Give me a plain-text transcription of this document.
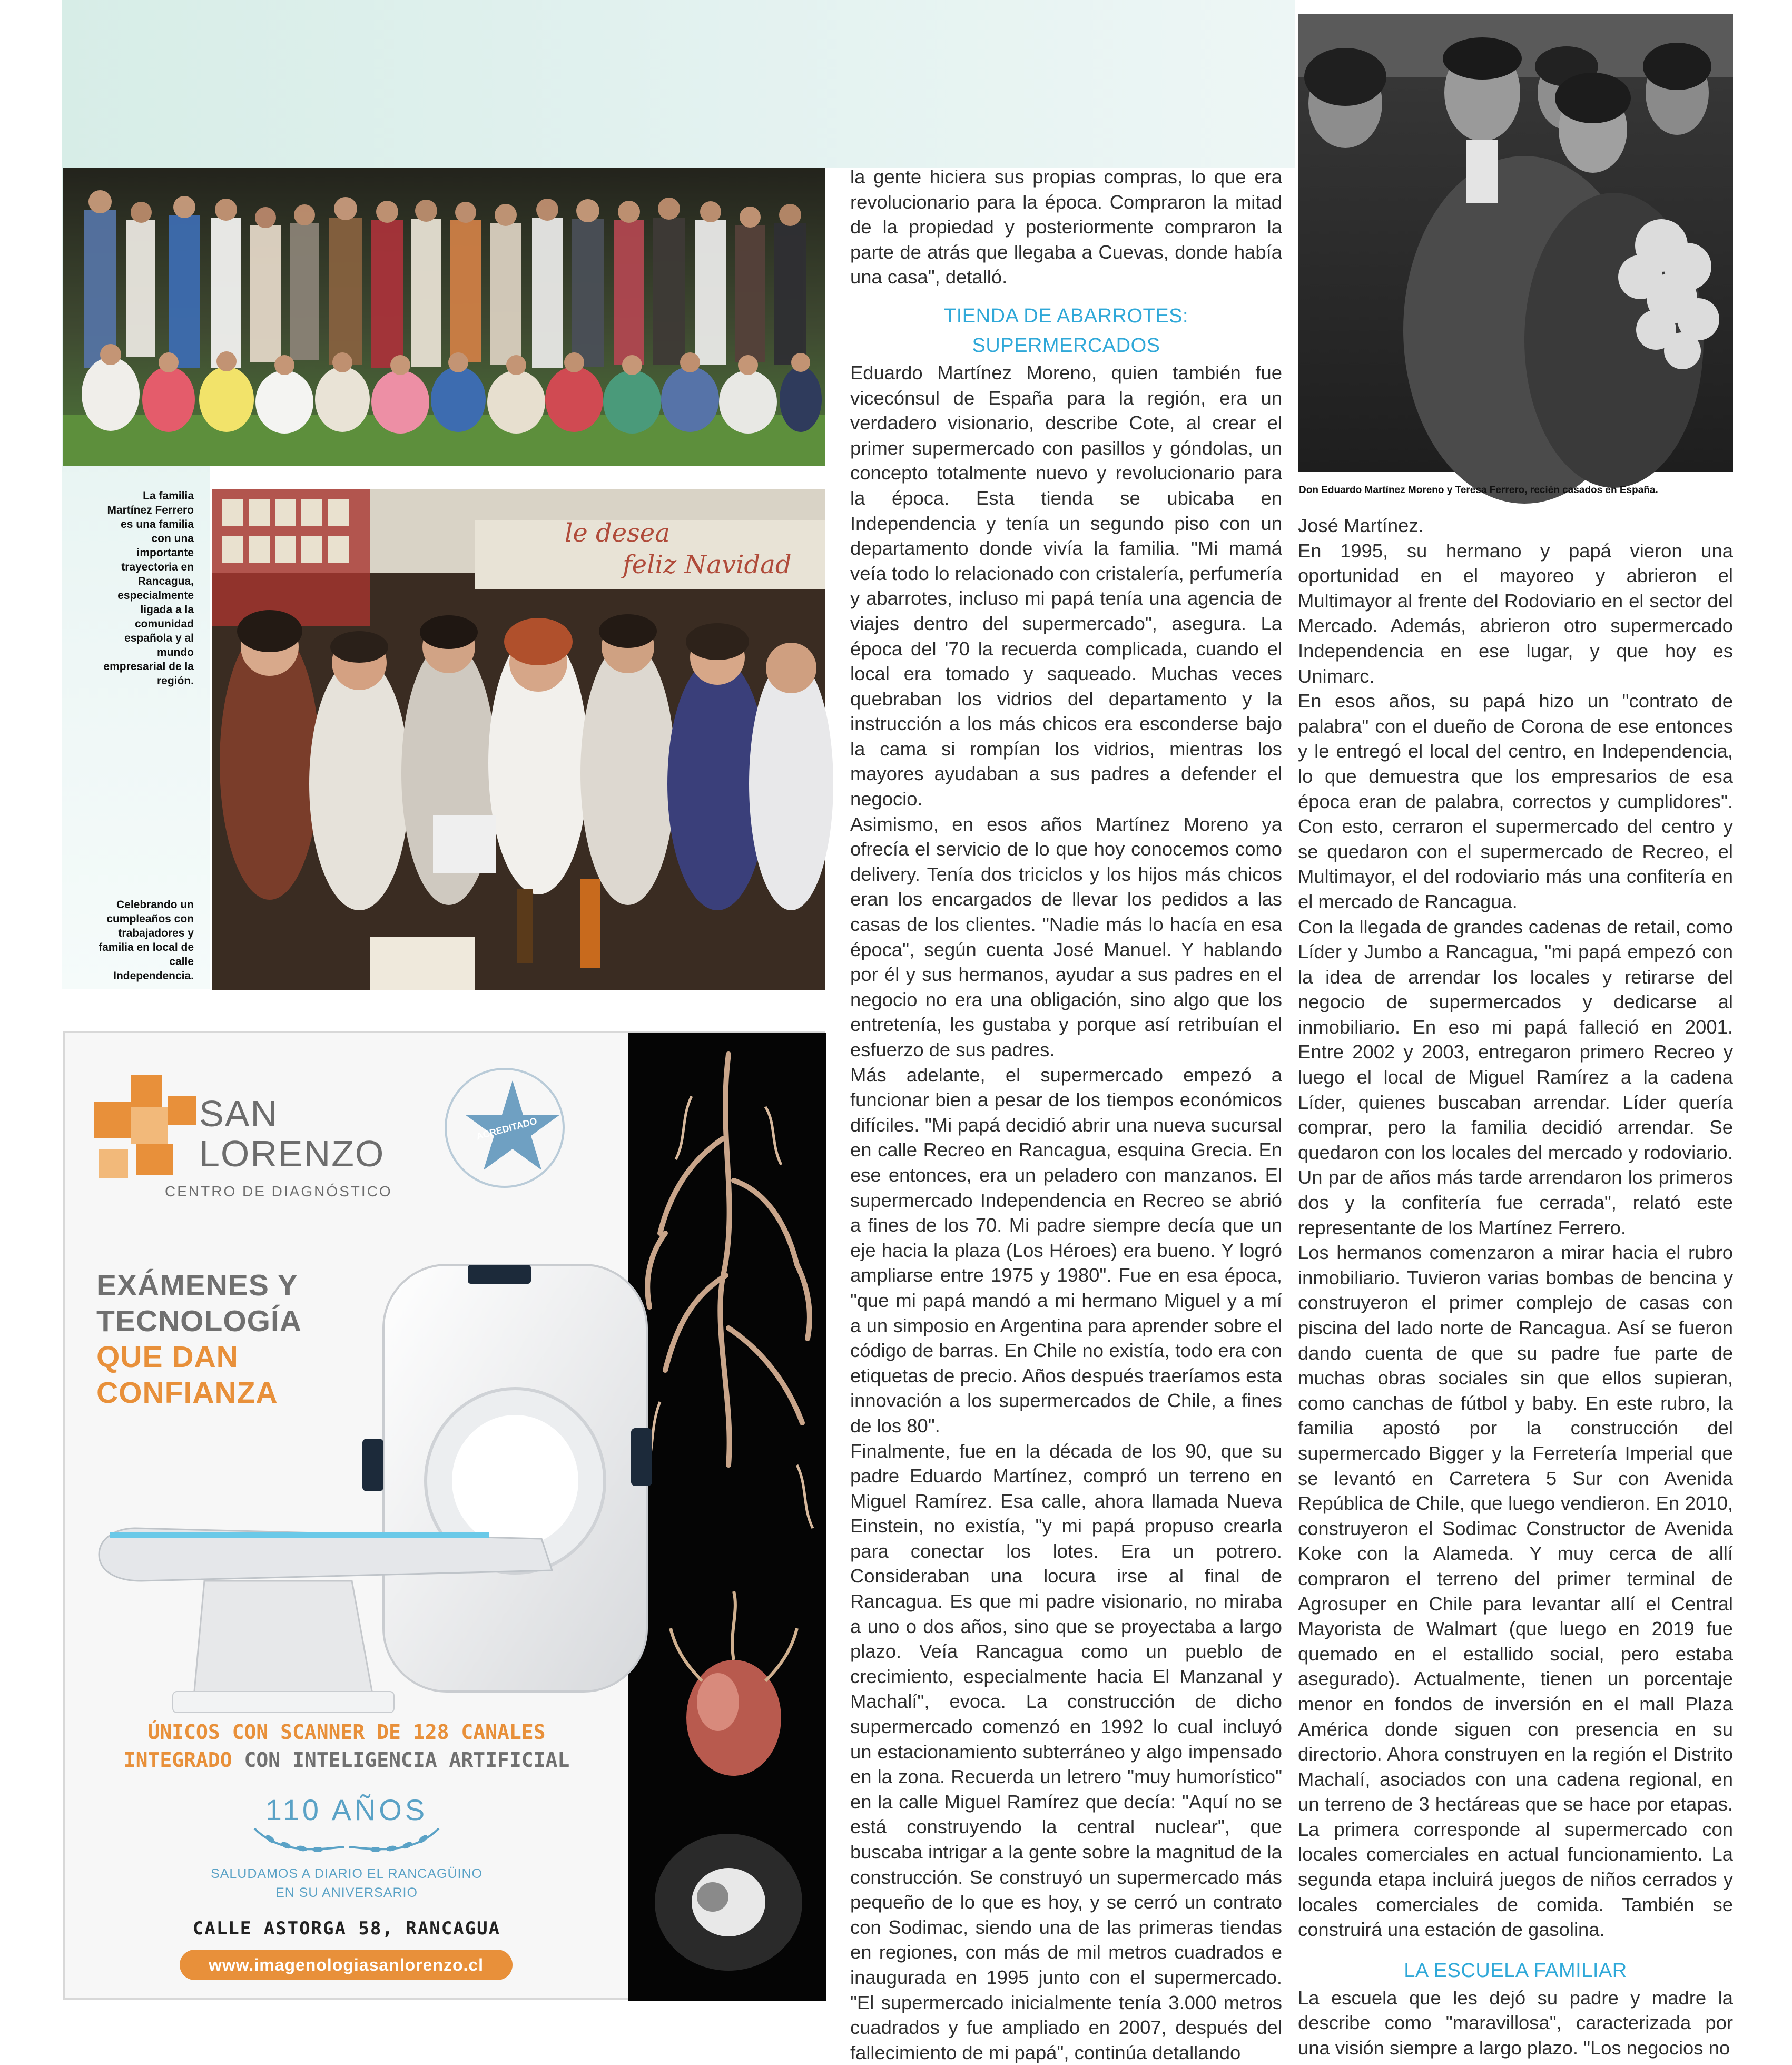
La familia Martínez Ferrero es una familia con una importante trayectoria en Rancagua, especialmente ligada a la comunidad española y al mundo empresarial de la región.
le desea
feliz Navidad
Celebrando un cumpleaños con trabajadores y familia en local de calle Independencia.
Don Eduardo Martínez Moreno y Teresa Ferrero, recién casados en España.

la gente hiciera sus propias compras, lo que era revolucionario para la época. Compraron la mitad de la propiedad y posteriormente compraron la parte de atrás que llegaba a Cuevas, donde había una casa", detalló.

TIENDA DE ABARROTES: SUPERMERCADOS

Eduardo Martínez Moreno, quien también fue vicecónsul de España para la región, era un verdadero visionario, describe Cote, al crear el primer supermercado con pasillos y góndolas, un concepto totalmente nuevo y revolucionario para la época. Esta tienda se ubicaba en Independencia y tenía un segundo piso con un departamento donde vivía la familia. "Mi mamá veía todo lo relacionado con cristalería, perfumería y abarrotes, incluso mi papá tenía una agencia de viajes dentro del supermercado", asegura. La época del '70 la recuerda complicada, cuando el local era tomado y saqueado. Muchas veces quebraban los vidrios del departamento y la instrucción a los más chicos era esconderse bajo la cama si rompían los vidrios, mientras los mayores ayudaban a sus padres a defender el negocio.

Asimismo, en esos años Martínez Moreno ya ofrecía el servicio de lo que hoy conocemos como delivery. Tenía dos triciclos y los hijos más chicos eran los encargados de llevar los pedidos a las casas de los clientes. "Nadie más lo hacía en esa época", según cuenta José Manuel. Y hablando por él y sus hermanos, ayudar a sus padres en el negocio no era una obligación, sino algo que los entretenía, les gustaba y porque así retribuían el esfuerzo de sus padres.

Más adelante, el supermercado empezó a funcionar bien a pesar de los tiempos económicos difíciles. "Mi papá decidió abrir una nueva sucursal en calle Recreo en Rancagua, esquina Grecia. En ese entonces, era un peladero con manzanos. El supermercado Independencia en Recreo se abrió a fines de los 70. Mi padre siempre decía que un eje hacia la plaza (Los Héroes) era bueno. Y logró ampliarse entre 1975 y 1980". Fue en esa época, "que mi papá mandó a mi hermano Miguel y a mí a un simposio en Argentina para aprender sobre el código de barras. En Chile no existía, todo era con etiquetas de precio. Años después traeríamos esta innovación a los supermercados de Chile, a fines de los 80".

Finalmente, fue en la década de los 90, que su padre Eduardo Martínez, compró un terreno en Miguel Ramírez. Esa calle, ahora llamada Nueva Einstein, no existía, "y mi papá propuso crearla para conectar los lotes. Era un potrero. Consideraban una locura irse al final de Rancagua. Es que mi padre visionario, no miraba a uno o dos años, sino que se proyectaba a largo plazo. Veía Rancagua como un pueblo de crecimiento, especialmente hacia El Manzanal y Machalí", evoca. La construcción de dicho supermercado comenzó en 1992 lo cual incluyó un estacionamiento subterráneo y algo impensado en la zona. Recuerda un letrero "muy humorístico" en la calle Miguel Ramírez que decía: "Aquí no se está construyendo la central nuclear", que buscaba intrigar a la gente sobre la magnitud de la construcción. Se construyó un supermercado más pequeño de lo que es hoy, y se cerró un contrato con Sodimac, siendo una de las primeras tiendas en regiones, con más de mil metros cuadrados e inaugurada en 1995 junto con el supermercado. "El supermercado inicialmente tenía 3.000 metros cuadrados y fue ampliado en 2007, después del fallecimiento de mi papá", continúa detallando

José Martínez.

En 1995, su hermano y papá vieron una oportunidad en el mayoreo y abrieron el Multimayor al frente del Rodoviario en el sector del Mercado. Además, abrieron otro supermercado Independencia en ese lugar, y que hoy es Unimarc.

En esos años, su papá hizo un "contrato de palabra" con el dueño de Corona de ese entonces y le entregó el local del centro, en Independencia, lo que demuestra que los empresarios de esa época eran de palabra, correctos y cumplidores". Con esto, cerraron el supermercado del centro y se quedaron con el supermercado de Recreo, el Multimayor, el del rodoviario más una confitería en el mercado de Rancagua.

Con la llegada de grandes cadenas de retail, como Líder y Jumbo a Rancagua, "mi papá empezó con la idea de arrendar los locales y retirarse del negocio de supermercados y dedicarse al inmobiliario. En eso mi papá falleció en 2001. Entre 2002 y 2003, entregaron primero Recreo y luego el local de Miguel Ramírez a la cadena Líder, quienes buscaban arrendar. Líder quería comprar, pero la familia decidió arrendar. Se quedaron con los locales del mercado y rodoviario. Un par de años más tarde arrendaron los primeros dos y la confitería fue cerrada", relató este representante de los Martínez Ferrero.

Los hermanos comenzaron a mirar hacia el rubro inmobiliario. Tuvieron varias bombas de bencina y construyeron el primer complejo de casas con piscina del lado norte de Rancagua. Así se fueron dando cuenta de que su padre fue parte de muchas obras sociales sin que ellos supieran, como canchas de fútbol y baby. En este rubro, la familia apostó por la construcción del supermercado Bigger y la Ferretería Imperial que se levantó en Carretera 5 Sur con Avenida República de Chile, que luego vendieron. En 2010, construyeron el Sodimac Constructor de Avenida Koke con la Alameda. Y muy cerca de allí compraron el terreno del primer terminal de Agrosuper en Chile para levantar allí el Central Mayorista de Walmart (que luego en 2019 fue quemado en el estallido social, pero estaba asegurado). Actualmente, tienen un porcentaje menor en fondos de inversión en el mall Plaza América donde siguen con presencia en su directorio. Ahora construyen en la región el Distrito Machalí, asociados con una cadena regional, en un terreno de 3 hectáreas que se hace por etapas. La primera corresponde al supermercado con locales comerciales en actual funcionamiento. La segunda etapa incluirá juegos de niños cerrados y locales comerciales de comida. También se construirá una estación de gasolina.

LA ESCUELA FAMILIAR

La escuela que les dejó su padre y madre la describe como "maravillosa", caracterizada por una visión siempre a largo plazo. "Los negocios no

SAN
LORENZO
CENTRO DE DIAGNÓSTICO
ACREDITADO
EXÁMENES Y
TECNOLOGÍA
QUE DAN
CONFIANZA
ÚNICOS CON SCANNER DE 128 CANALES
INTEGRADO CON INTELIGENCIA ARTIFICIAL
110 AÑOS
SALUDAMOS A DIARIO EL RANCAGÜINO
EN SU ANIVERSARIO
CALLE ASTORGA 58, RANCAGUA
www.imagenologiasanlorenzo.cl
